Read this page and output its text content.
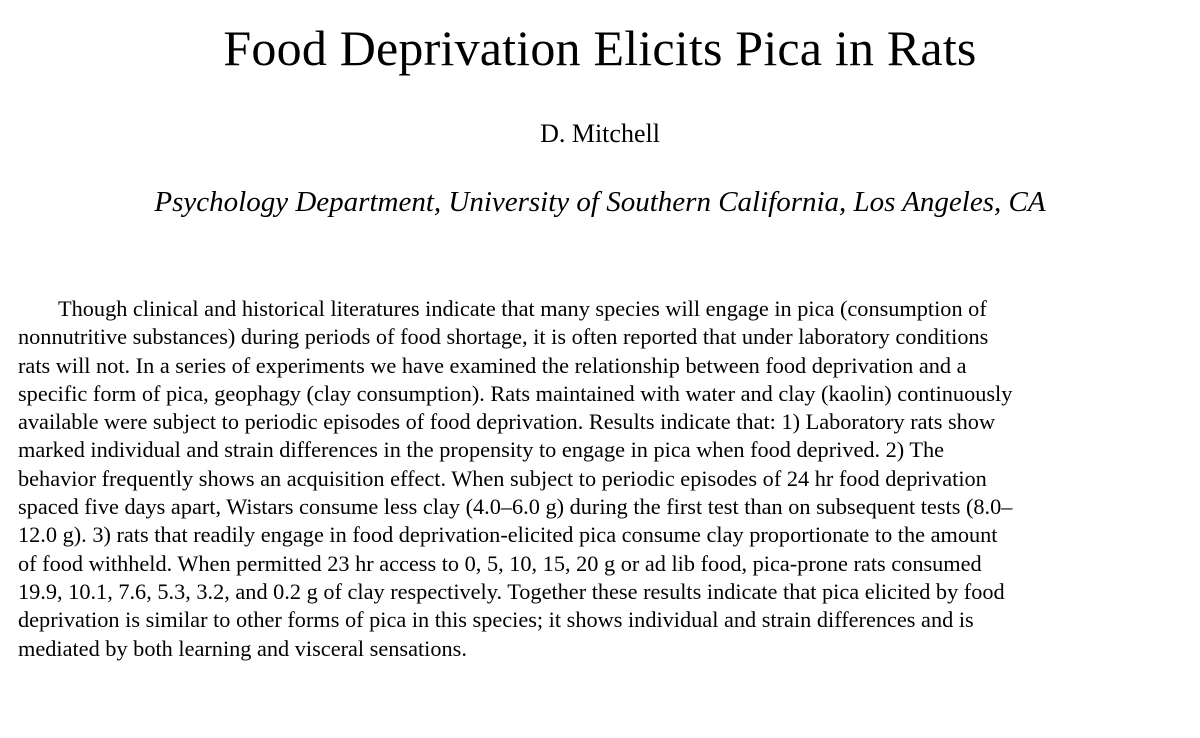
Food Deprivation Elicits Pica in Rats
D. Mitchell
Psychology Department, University of Southern California, Los Angeles, CA
Though clinical and historical literatures indicate that many species will engage in pica (consumption of
nonnutritive substances) during periods of food shortage, it is often reported that under laboratory conditions
rats will not. In a series of experiments we have examined the relationship between food deprivation and a
specific form of pica, geophagy (clay consumption). Rats maintained with water and clay (kaolin) continuously
available were subject to periodic episodes of food deprivation. Results indicate that: 1) Laboratory rats show
marked individual and strain differences in the propensity to engage in pica when food deprived. 2) The
behavior frequently shows an acquisition effect. When subject to periodic episodes of 24 hr food deprivation
spaced five days apart, Wistars consume less clay (4.0–6.0 g) during the first test than on subsequent tests (8.0–
12.0 g). 3) rats that readily engage in food deprivation-elicited pica consume clay proportionate to the amount
of food withheld. When permitted 23 hr access to 0, 5, 10, 15, 20 g or ad lib food, pica-prone rats consumed
19.9, 10.1, 7.6, 5.3, 3.2, and 0.2 g of clay respectively. Together these results indicate that pica elicited by food
deprivation is similar to other forms of pica in this species; it shows individual and strain differences and is
mediated by both learning and visceral sensations.
